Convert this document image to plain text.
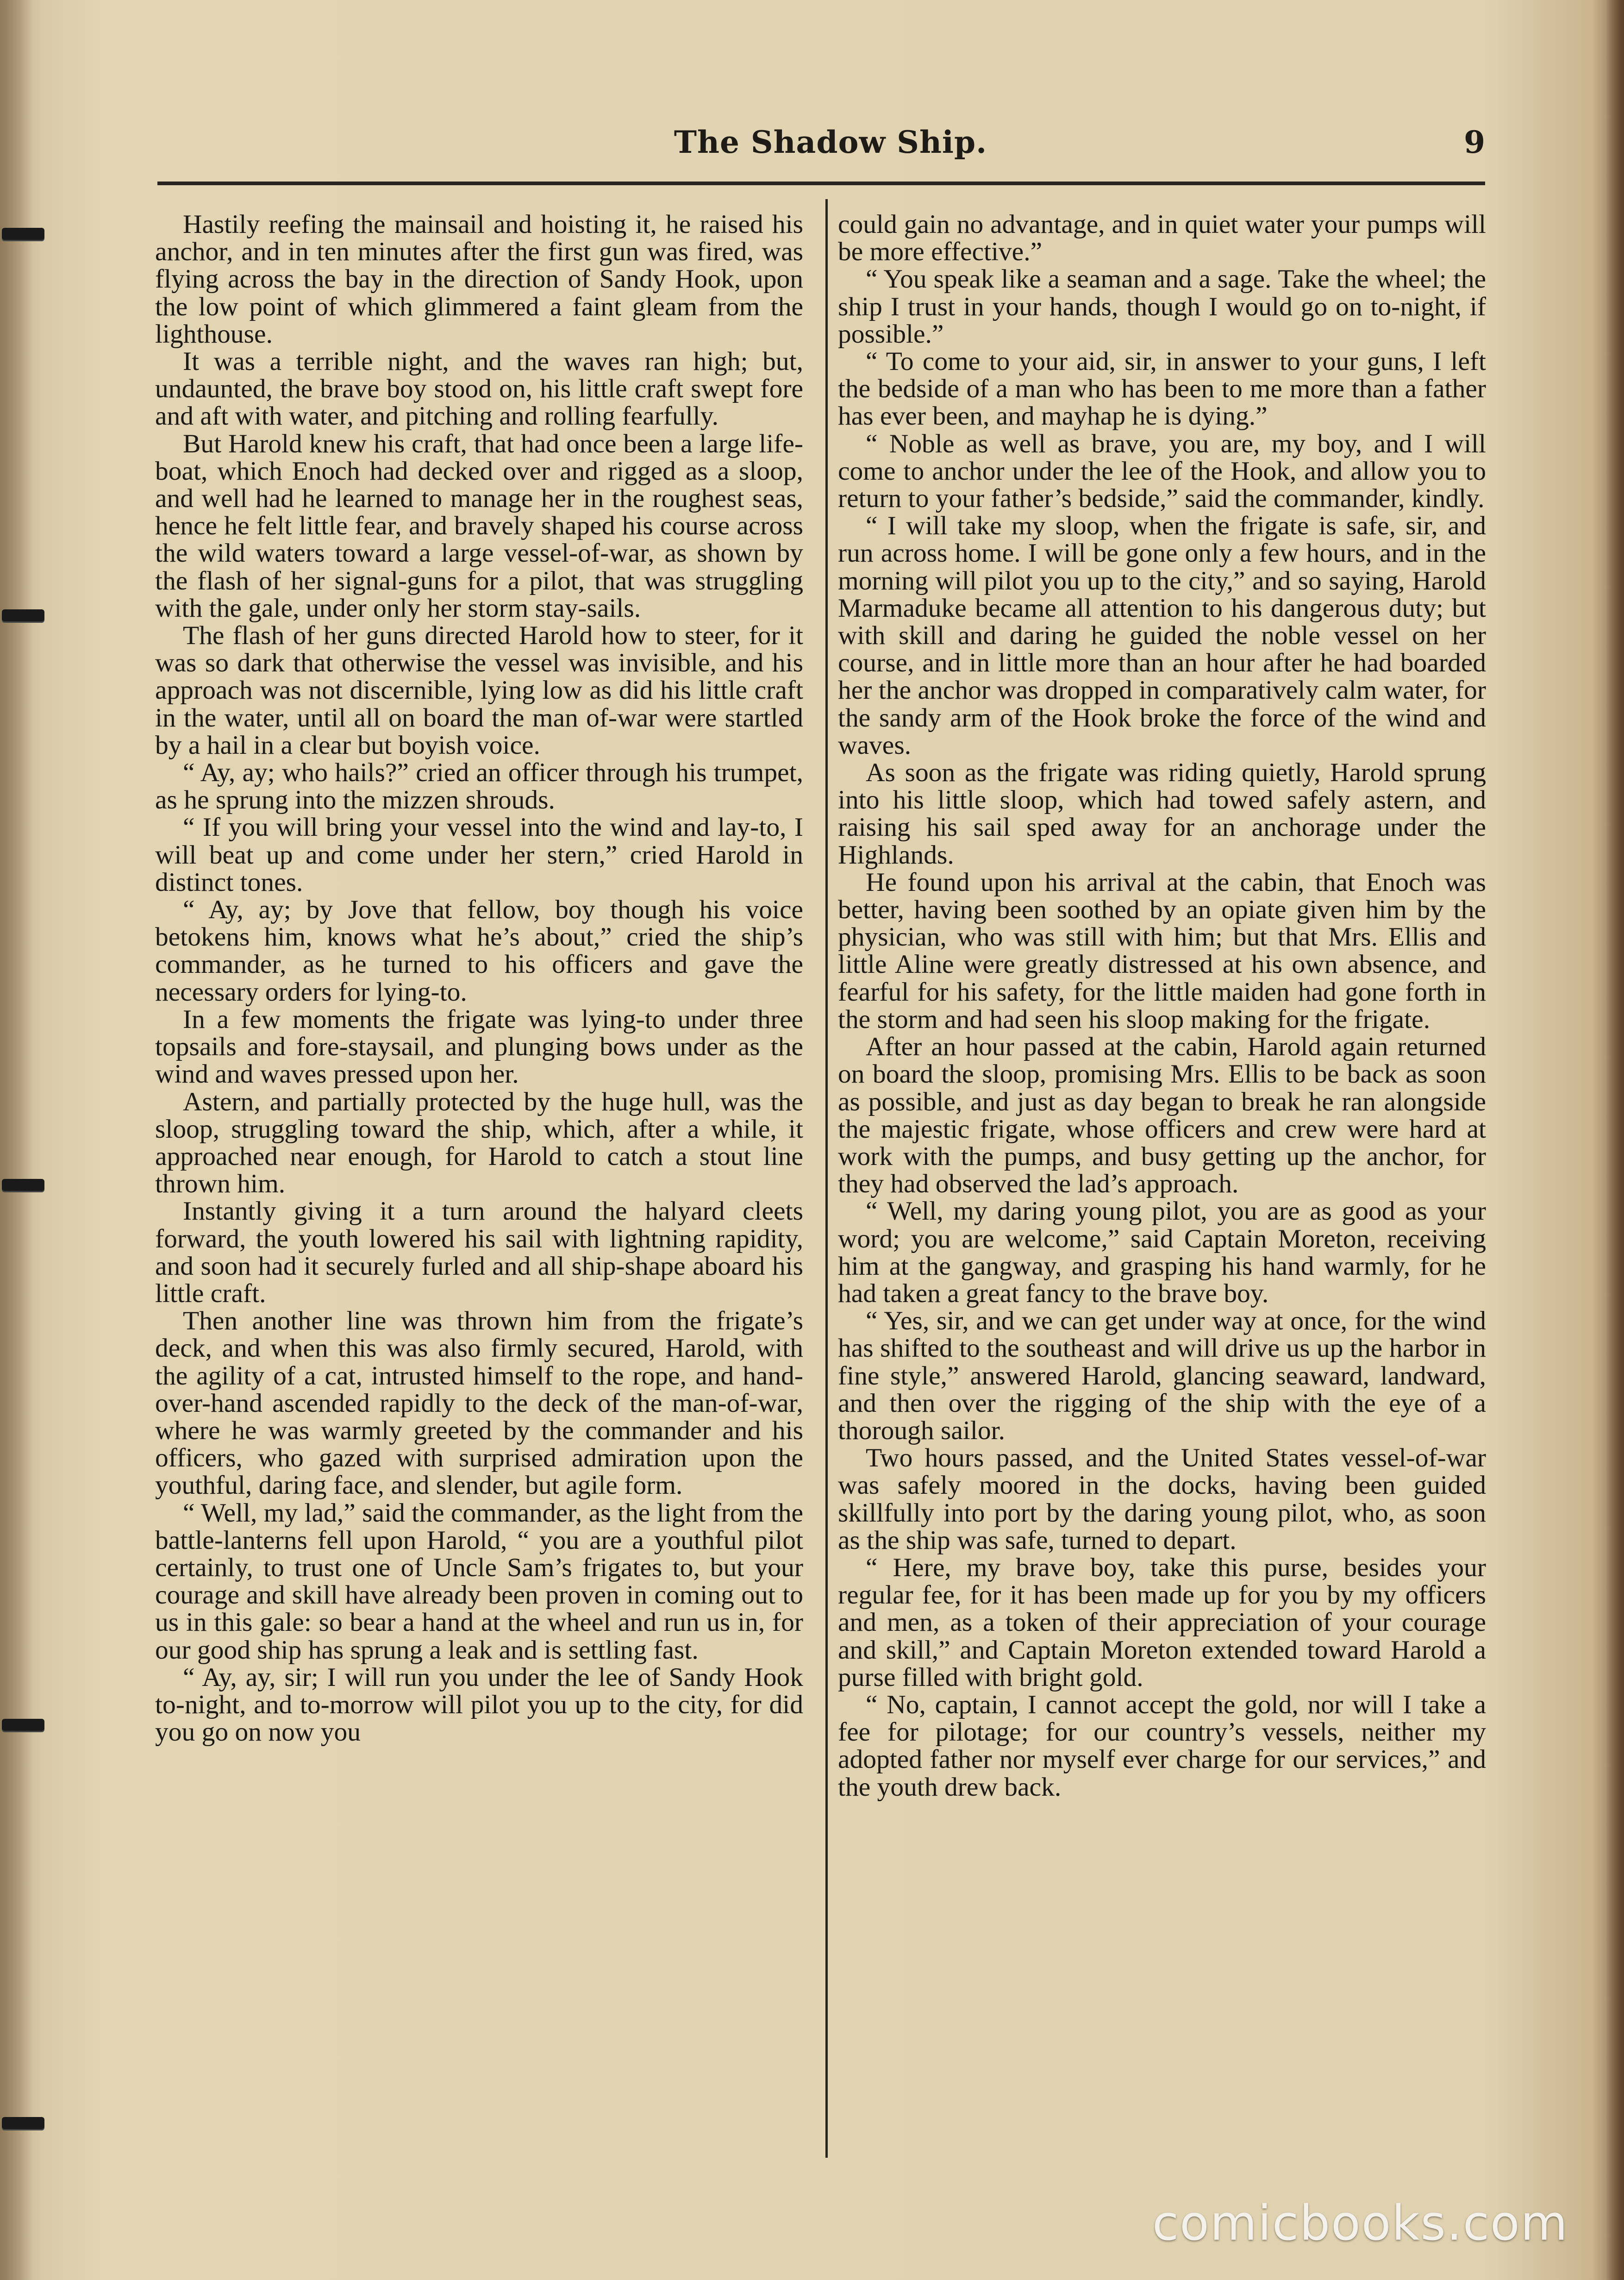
The Shadow Ship.	9

Hastily reefing the mainsail and hoisting it, he raised his anchor, and in ten minutes after the first gun was fired, was flying across the bay in the direction of Sandy Hook, upon the low point of which glimmered a faint gleam from the lighthouse.

It was a terrible night, and the waves ran high; but, undaunted, the brave boy stood on, his little craft swept fore and aft with water, and pitching and rolling fearfully.

But Harold knew his craft, that had once been a large life-boat, which Enoch had decked over and rigged as a sloop, and well had he learned to manage her in the roughest seas, hence he felt little fear, and bravely shaped his course across the wild waters toward a large vessel-of-war, as shown by the flash of her signal-guns for a pilot, that was struggling with the gale, under only her storm stay-sails.

The flash of her guns directed Harold how to steer, for it was so dark that otherwise the vessel was invisible, and his approach was not discernible, lying low as did his little craft in the water, until all on board the man of-war were startled by a hail in a clear but boyish voice.

“ Ay, ay; who hails?” cried an officer through his trumpet, as he sprung into the mizzen shrouds.

“ If you will bring your vessel into the wind and lay-to, I will beat up and come under her stern,” cried Harold in distinct tones.

“ Ay, ay; by Jove that fellow, boy though his voice betokens him, knows what he’s about,” cried the ship’s commander, as he turned to his officers and gave the necessary orders for lying-to.

In a few moments the frigate was lying-to under three topsails and fore-staysail, and plunging bows under as the wind and waves pressed upon her.

Astern, and partially protected by the huge hull, was the sloop, struggling toward the ship, which, after a while, it approached near enough, for Harold to catch a stout line thrown him.

Instantly giving it a turn around the halyard cleets forward, the youth lowered his sail with lightning rapidity, and soon had it securely furled and all ship-shape aboard his little craft.

Then another line was thrown him from the frigate’s deck, and when this was also firmly secured, Harold, with the agility of a cat, intrusted himself to the rope, and hand-over-hand ascended rapidly to the deck of the man-of-war, where he was warmly greeted by the commander and his officers, who gazed with surprised admiration upon the youthful, daring face, and slender, but agile form.

“ Well, my lad,” said the commander, as the light from the battle-lanterns fell upon Harold, “ you are a youthful pilot certainly, to trust one of Uncle Sam’s frigates to, but your courage and skill have already been proven in coming out to us in this gale: so bear a hand at the wheel and run us in, for our good ship has sprung a leak and is settling fast.

“ Ay, ay, sir; I will run you under the lee of Sandy Hook to-night, and to-morrow will pilot you up to the city, for did you go on now you

could gain no advantage, and in quiet water your pumps will be more effective.”

“ You speak like a seaman and a sage. Take the wheel; the ship I trust in your hands, though I would go on to-night, if possible.”

“ To come to your aid, sir, in answer to your guns, I left the bedside of a man who has been to me more than a father has ever been, and mayhap he is dying.”

“ Noble as well as brave, you are, my boy, and I will come to anchor under the lee of the Hook, and allow you to return to your father’s bedside,” said the commander, kindly.

“ I will take my sloop, when the frigate is safe, sir, and run across home. I will be gone only a few hours, and in the morning will pilot you up to the city,” and so saying, Harold Marmaduke became all attention to his dangerous duty; but with skill and daring he guided the noble vessel on her course, and in little more than an hour after he had boarded her the anchor was dropped in comparatively calm water, for the sandy arm of the Hook broke the force of the wind and waves.

As soon as the frigate was riding quietly, Harold sprung into his little sloop, which had towed safely astern, and raising his sail sped away for an anchorage under the Highlands.

He found upon his arrival at the cabin, that Enoch was better, having been soothed by an opiate given him by the physician, who was still with him; but that Mrs. Ellis and little Aline were greatly distressed at his own absence, and fearful for his safety, for the little maiden had gone forth in the storm and had seen his sloop making for the frigate.

After an hour passed at the cabin, Harold again returned on board the sloop, promising Mrs. Ellis to be back as soon as possible, and just as day began to break he ran alongside the majestic frigate, whose officers and crew were hard at work with the pumps, and busy getting up the anchor, for they had observed the lad’s approach.

“ Well, my daring young pilot, you are as good as your word; you are welcome,” said Captain Moreton, receiving him at the gangway, and grasping his hand warmly, for he had taken a great fancy to the brave boy.

“ Yes, sir, and we can get under way at once, for the wind has shifted to the southeast and will drive us up the harbor in fine style,” answered Harold, glancing seaward, landward, and then over the rigging of the ship with the eye of a thorough sailor.

Two hours passed, and the United States vessel-of-war was safely moored in the docks, having been guided skillfully into port by the daring young pilot, who, as soon as the ship was safe, turned to depart.

“ Here, my brave boy, take this purse, besides your regular fee, for it has been made up for you by my officers and men, as a token of their appreciation of your courage and skill,” and Captain Moreton extended toward Harold a purse filled with bright gold.

“ No, captain, I cannot accept the gold, nor will I take a fee for pilotage; for our country’s vessels, neither my adopted father nor myself ever charge for our services,” and the youth drew back.

comicbooks.com
